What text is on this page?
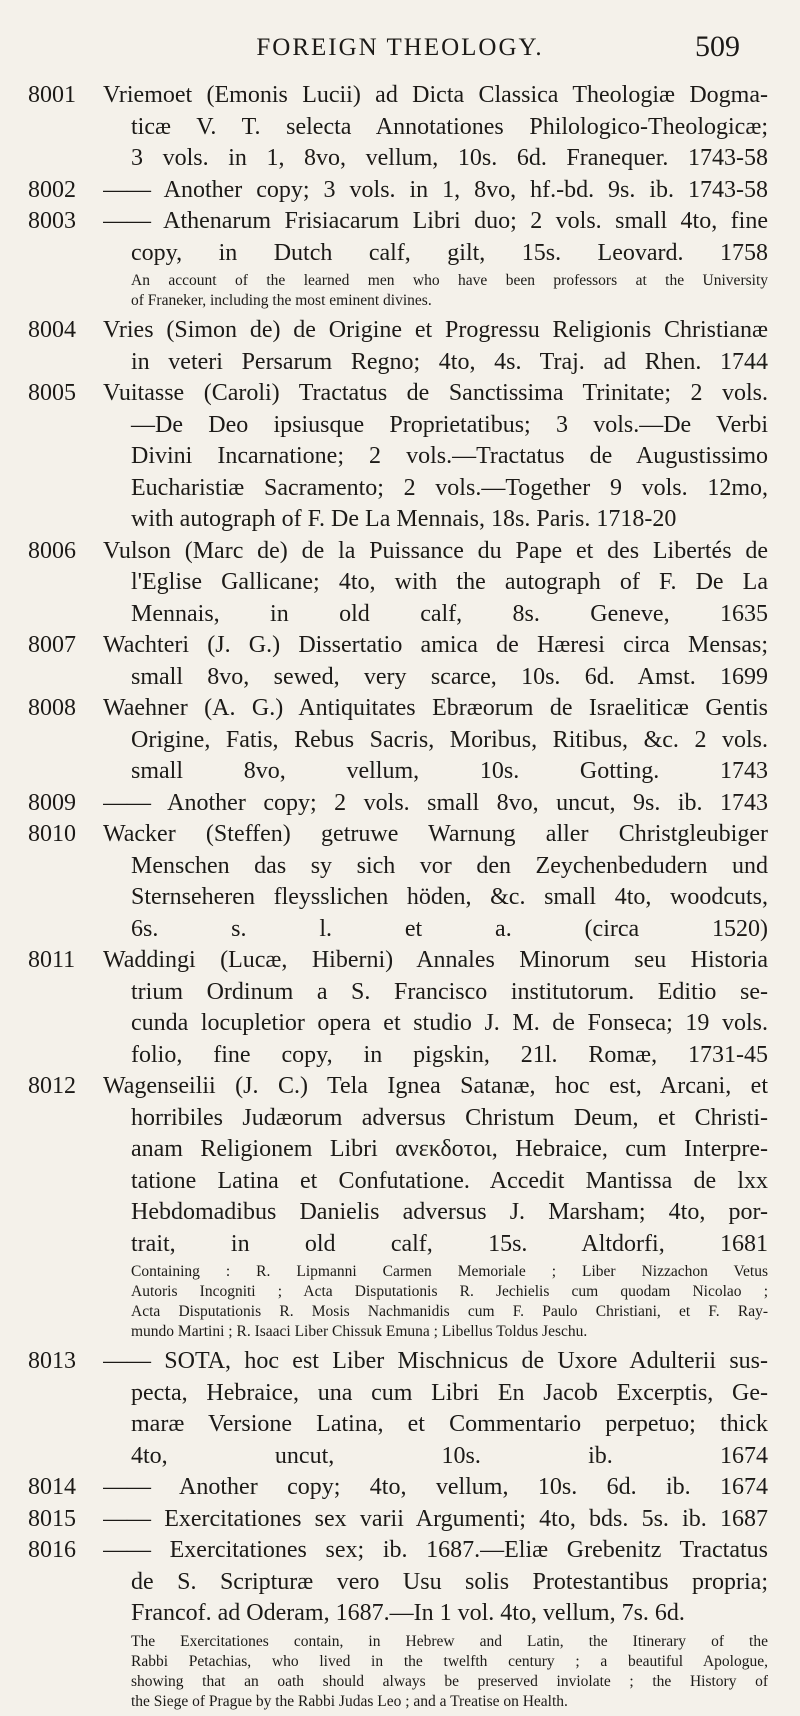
FOREIGN THEOLOGY.	509
8001	Vriemoet (Emonis Lucii) ad Dicta Classica Theologiæ Dogma-
ticæ V. T. selecta Annotationes Philologico-Theologicæ;
3 vols. in 1, 8vo, vellum, 10s. 6d. Franequer. 1743-58
8002	—— Another copy; 3 vols. in 1, 8vo, hf.-bd. 9s. ib. 1743-58
8003	—— Athenarum Frisiacarum Libri duo; 2 vols. small 4to, fine
copy, in Dutch calf, gilt, 15s. Leovard. 1758
An account of the learned men who have been professors at the University
of Franeker, including the most eminent divines.
8004	Vries (Simon de) de Origine et Progressu Religionis Christianæ
in veteri Persarum Regno; 4to, 4s. Traj. ad Rhen. 1744
8005	Vuitasse (Caroli) Tractatus de Sanctissima Trinitate; 2 vols.
—De Deo ipsiusque Proprietatibus; 3 vols.—De Verbi
Divini Incarnatione; 2 vols.—Tractatus de Augustissimo
Eucharistiæ Sacramento; 2 vols.—Together 9 vols. 12mo,
with autograph of F. De La Mennais, 18s. Paris. 1718-20
8006	Vulson (Marc de) de la Puissance du Pape et des Libertés de
l'Eglise Gallicane; 4to, with the autograph of F. De La
Mennais, in old calf, 8s. Geneve, 1635
8007	Wachteri (J. G.) Dissertatio amica de Hæresi circa Mensas;
small 8vo, sewed, very scarce, 10s. 6d. Amst. 1699
8008	Waehner (A. G.) Antiquitates Ebræorum de Israeliticæ Gentis
Origine, Fatis, Rebus Sacris, Moribus, Ritibus, &c. 2 vols.
small 8vo, vellum, 10s. Gotting. 1743
8009	—— Another copy; 2 vols. small 8vo, uncut, 9s. ib. 1743
8010	Wacker (Steffen) getruwe Warnung aller Christgleubiger
Menschen das sy sich vor den Zeychenbedudern und
Sternseheren fleysslichen höden, &c. small 4to, woodcuts,
6s. s. l. et a. (circa 1520)
8011	Waddingi (Lucæ, Hiberni) Annales Minorum seu Historia
trium Ordinum a S. Francisco institutorum. Editio se-
cunda locupletior opera et studio J. M. de Fonseca; 19 vols.
folio, fine copy, in pigskin, 21l. Romæ, 1731-45
8012	Wagenseilii (J. C.) Tela Ignea Satanæ, hoc est, Arcani, et
horribiles Judæorum adversus Christum Deum, et Christi-
anam Religionem Libri ανεκδοτοι, Hebraice, cum Interpre-
tatione Latina et Confutatione. Accedit Mantissa de lxx
Hebdomadibus Danielis adversus J. Marsham; 4to, por-
trait, in old calf, 15s. Altdorfi, 1681
Containing : R. Lipmanni Carmen Memoriale ; Liber Nizzachon Vetus
Autoris Incogniti ; Acta Disputationis R. Jechielis cum quodam Nicolao ;
Acta Disputationis R. Mosis Nachmanidis cum F. Paulo Christiani, et F. Ray-
mundo Martini ; R. Isaaci Liber Chissuk Emuna ; Libellus Toldus Jeschu.
8013	—— SOTA, hoc est Liber Mischnicus de Uxore Adulterii sus-
pecta, Hebraice, una cum Libri En Jacob Excerptis, Ge-
maræ Versione Latina, et Commentario perpetuo; thick
4to, uncut, 10s. ib. 1674
8014	—— Another copy; 4to, vellum, 10s. 6d. ib. 1674
8015	—— Exercitationes sex varii Argumenti; 4to, bds. 5s. ib. 1687
8016	—— Exercitationes sex; ib. 1687.—Eliæ Grebenitz Tractatus
de S. Scripturæ vero Usu solis Protestantibus propria;
Francof. ad Oderam, 1687.—In 1 vol. 4to, vellum, 7s. 6d.
The Exercitationes contain, in Hebrew and Latin, the Itinerary of the
Rabbi Petachias, who lived in the twelfth century ; a beautiful Apologue,
showing that an oath should always be preserved inviolate ; the History of
the Siege of Prague by the Rabbi Judas Leo ; and a Treatise on Health.
